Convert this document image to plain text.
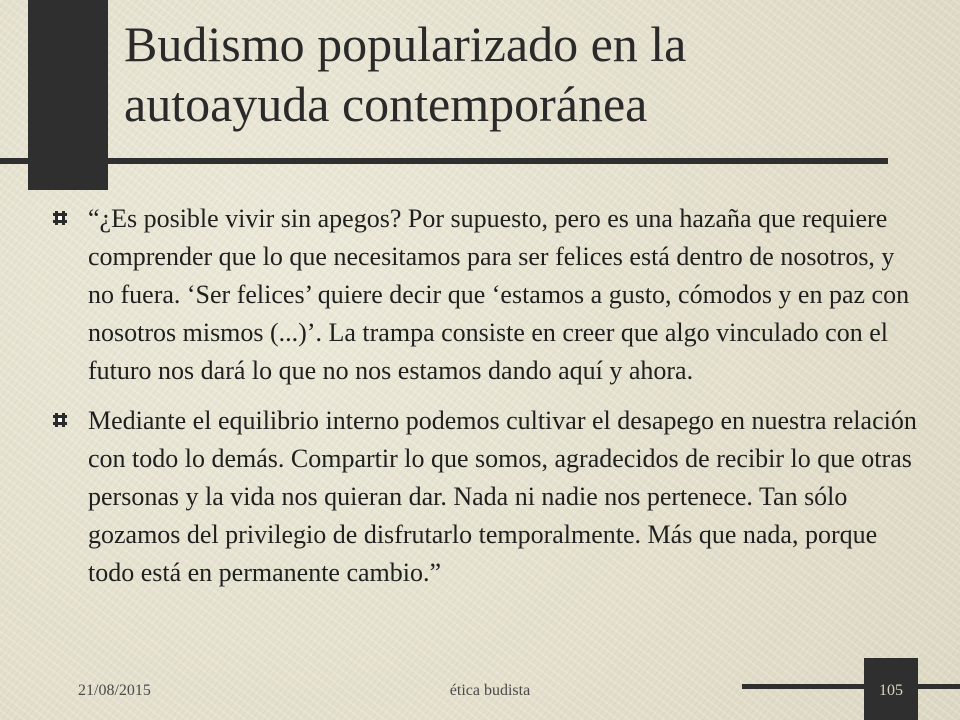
Budismo popularizado en la
autoayuda contemporánea
“¿Es posible vivir sin apegos? Por supuesto, pero es una hazaña que requiere comprender que lo que necesitamos para ser felices está dentro de nosotros, y no fuera. ‘Ser felices’ quiere decir que ‘estamos a gusto, cómodos y en paz con nosotros mismos (...)’. La trampa consiste en creer que algo vinculado con el futuro nos dará lo que no nos estamos dando aquí y ahora.
Mediante el equilibrio interno podemos cultivar el desapego en nuestra relación con todo lo demás. Compartir lo que somos, agradecidos de recibir lo que otras personas y la vida nos quieran dar. Nada ni nadie nos pertenece. Tan sólo gozamos del privilegio de disfrutarlo temporalmente. Más que nada, porque todo está en permanente cambio.”
21/08/2015	ética budista	105
